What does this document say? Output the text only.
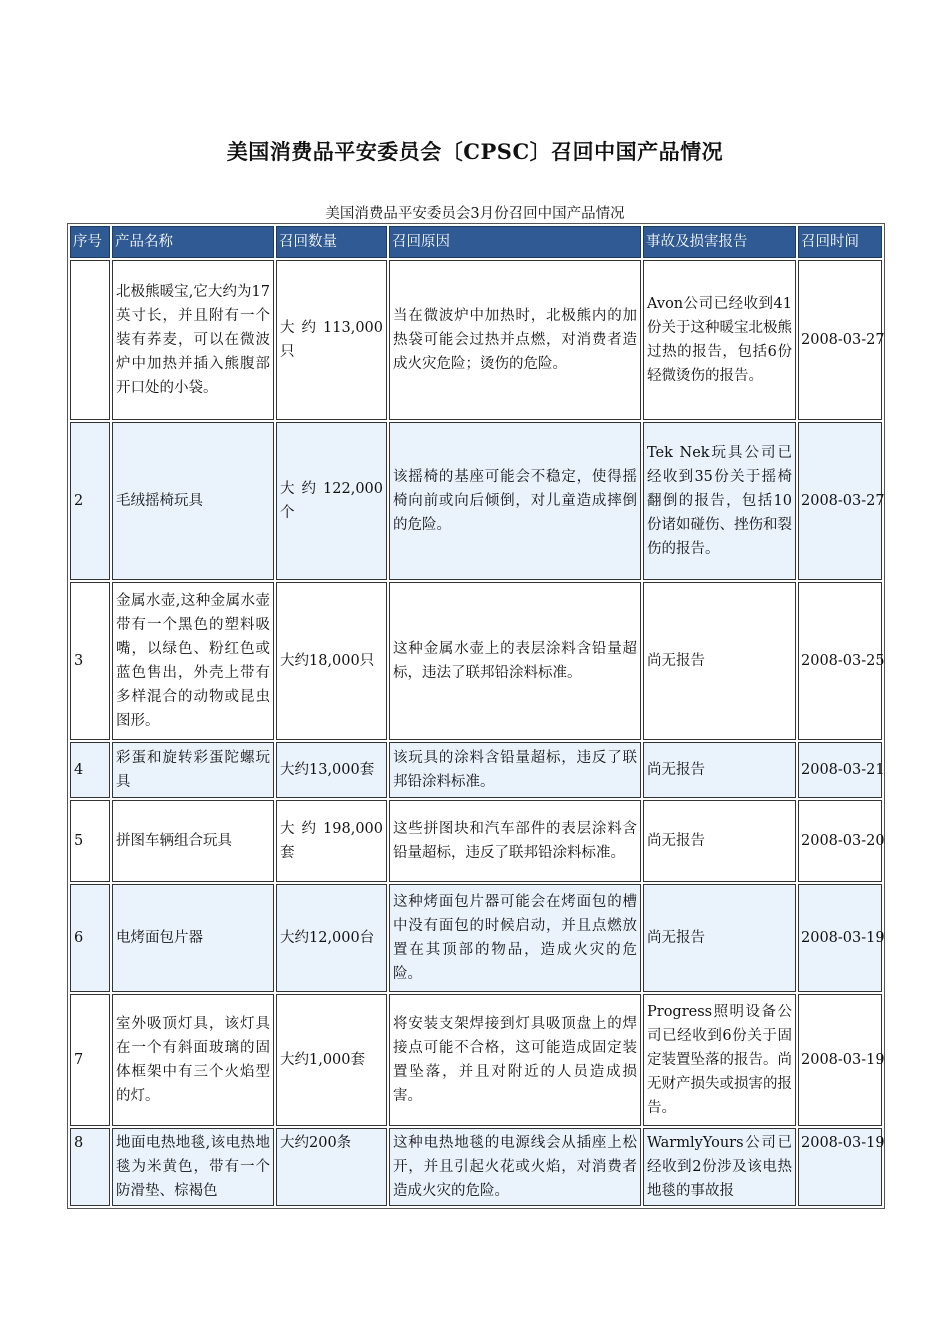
美国消费品平安委员会〔CPSC〕召回中国产品情况
美国消费品平安委员会3月份召回中国产品情况
序号	产品名称	召回数量	召回原因	事故及损害报告	召回时间
	北极熊暖宝,它大约为17英寸长，并且附有一个装有荞麦，可以在微波炉中加热并插入熊腹部开口处的小袋。	大约113,000只	当在微波炉中加热时，北极熊内的加热袋可能会过热并点燃，对消费者造成火灾危险；烫伤的危险。	Avon公司已经收到41份关于这种暖宝北极熊过热的报告，包括6份轻微烫伤的报告。	2008-03-27
2	毛绒摇椅玩具	大约122,000个	该摇椅的基座可能会不稳定，使得摇椅向前或向后倾倒，对儿童造成摔倒的危险。	Tek Nek玩具公司已经收到35份关于摇椅翻倒的报告，包括10份诸如碰伤、挫伤和裂伤的报告。	2008-03-27
3	金属水壶,这种金属水壶带有一个黑色的塑料吸嘴，以绿色、粉红色或蓝色售出，外壳上带有多样混合的动物或昆虫图形。	大约18,000只	这种金属水壶上的表层涂料含铅量超标，违法了联邦铅涂料标准。	尚无报告	2008-03-25
4	彩蛋和旋转彩蛋陀螺玩具	大约13,000套	该玩具的涂料含铅量超标，违反了联邦铅涂料标准。	尚无报告	2008-03-21
5	拼图车辆组合玩具	大约198,000套	这些拼图块和汽车部件的表层涂料含铅量超标，违反了联邦铅涂料标准。	尚无报告	2008-03-20
6	电烤面包片器	大约12,000台	这种烤面包片器可能会在烤面包的槽中没有面包的时候启动，并且点燃放置在其顶部的物品，造成火灾的危险。	尚无报告	2008-03-19
7	室外吸顶灯具，该灯具在一个有斜面玻璃的固体框架中有三个火焰型的灯。	大约1,000套	将安装支架焊接到灯具吸顶盘上的焊接点可能不合格，这可能造成固定装置坠落，并且对附近的人员造成损害。	Progress照明设备公司已经收到6份关于固定装置坠落的报告。尚无财产损失或损害的报告。	2008-03-19
8	地面电热地毯,该电热地毯为米黄色，带有一个防滑垫、棕褐色	大约200条	这种电热地毯的电源线会从插座上松开，并且引起火花或火焰，对消费者造成火灾的危险。	WarmlyYours公司已经收到2份涉及该电热地毯的事故报	2008-03-19
